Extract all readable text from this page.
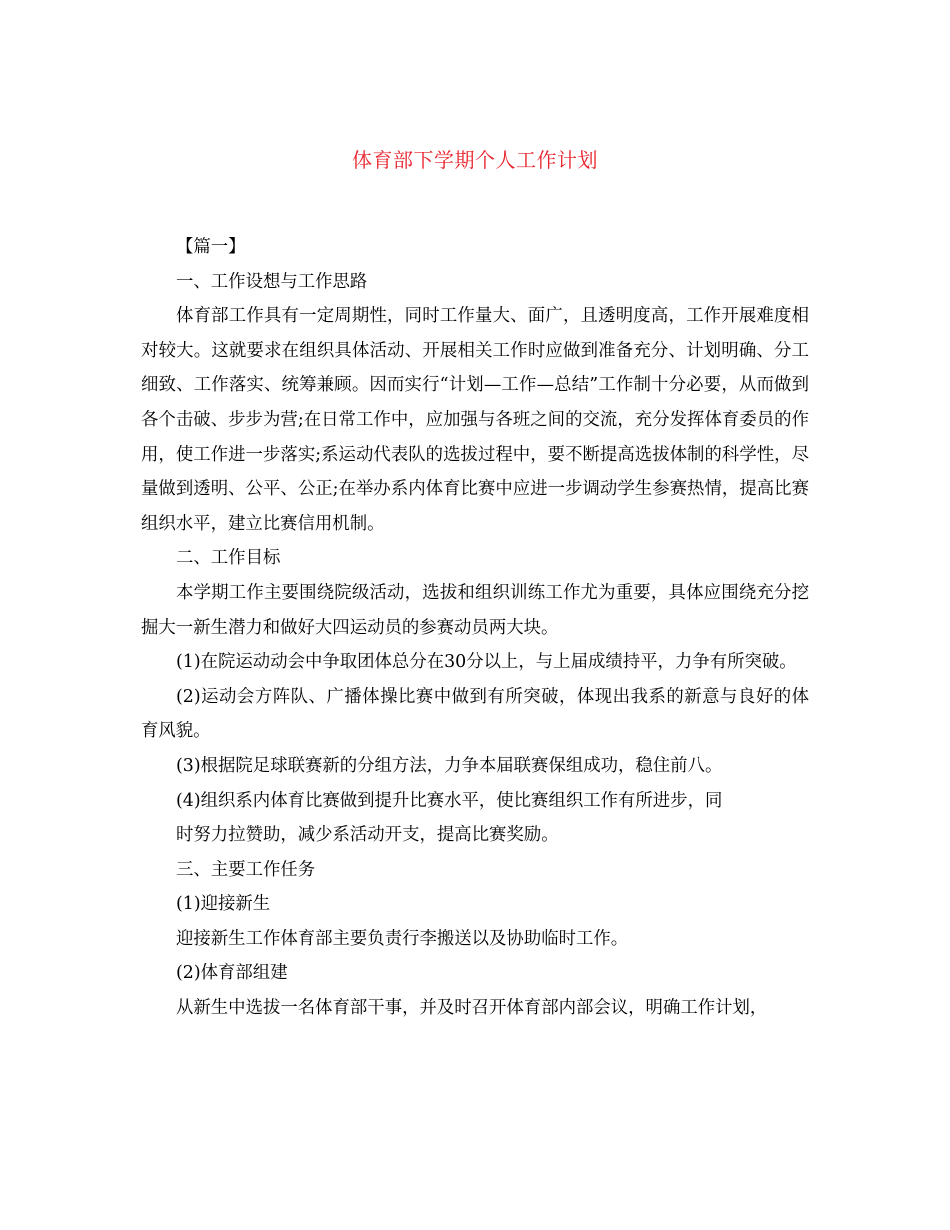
体育部下学期个人工作计划

【篇一】

一、工作设想与工作思路

体育部工作具有一定周期性，同时工作量大、面广，且透明度高，工作开展难度相对较大。这就要求在组织具体活动、开展相关工作时应做到准备充分、计划明确、分工细致、工作落实、统筹兼顾。因而实行“计划—工作—总结”工作制十分必要，从而做到各个击破、步步为营;在日常工作中，应加强与各班之间的交流，充分发挥体育委员的作用，使工作进一步落实;系运动代表队的选拔过程中，要不断提高选拔体制的科学性，尽量做到透明、公平、公正;在举办系内体育比赛中应进一步调动学生参赛热情，提高比赛组织水平，建立比赛信用机制。

二、工作目标

本学期工作主要围绕院级活动，选拔和组织训练工作尤为重要，具体应围绕充分挖掘大一新生潜力和做好大四运动员的参赛动员两大块。

(1)在院运动动会中争取团体总分在30分以上，与上届成绩持平，力争有所突破。

(2)运动会方阵队、广播体操比赛中做到有所突破，体现出我系的新意与良好的体育风貌。

(3)根据院足球联赛新的分组方法，力争本届联赛保组成功，稳住前八。

(4)组织系内体育比赛做到提升比赛水平，使比赛组织工作有所进步，同

时努力拉赞助，减少系活动开支，提高比赛奖励。

三、主要工作任务

(1)迎接新生

迎接新生工作体育部主要负责行李搬送以及协助临时工作。

(2)体育部组建

从新生中选拔一名体育部干事，并及时召开体育部内部会议，明确工作计划，
